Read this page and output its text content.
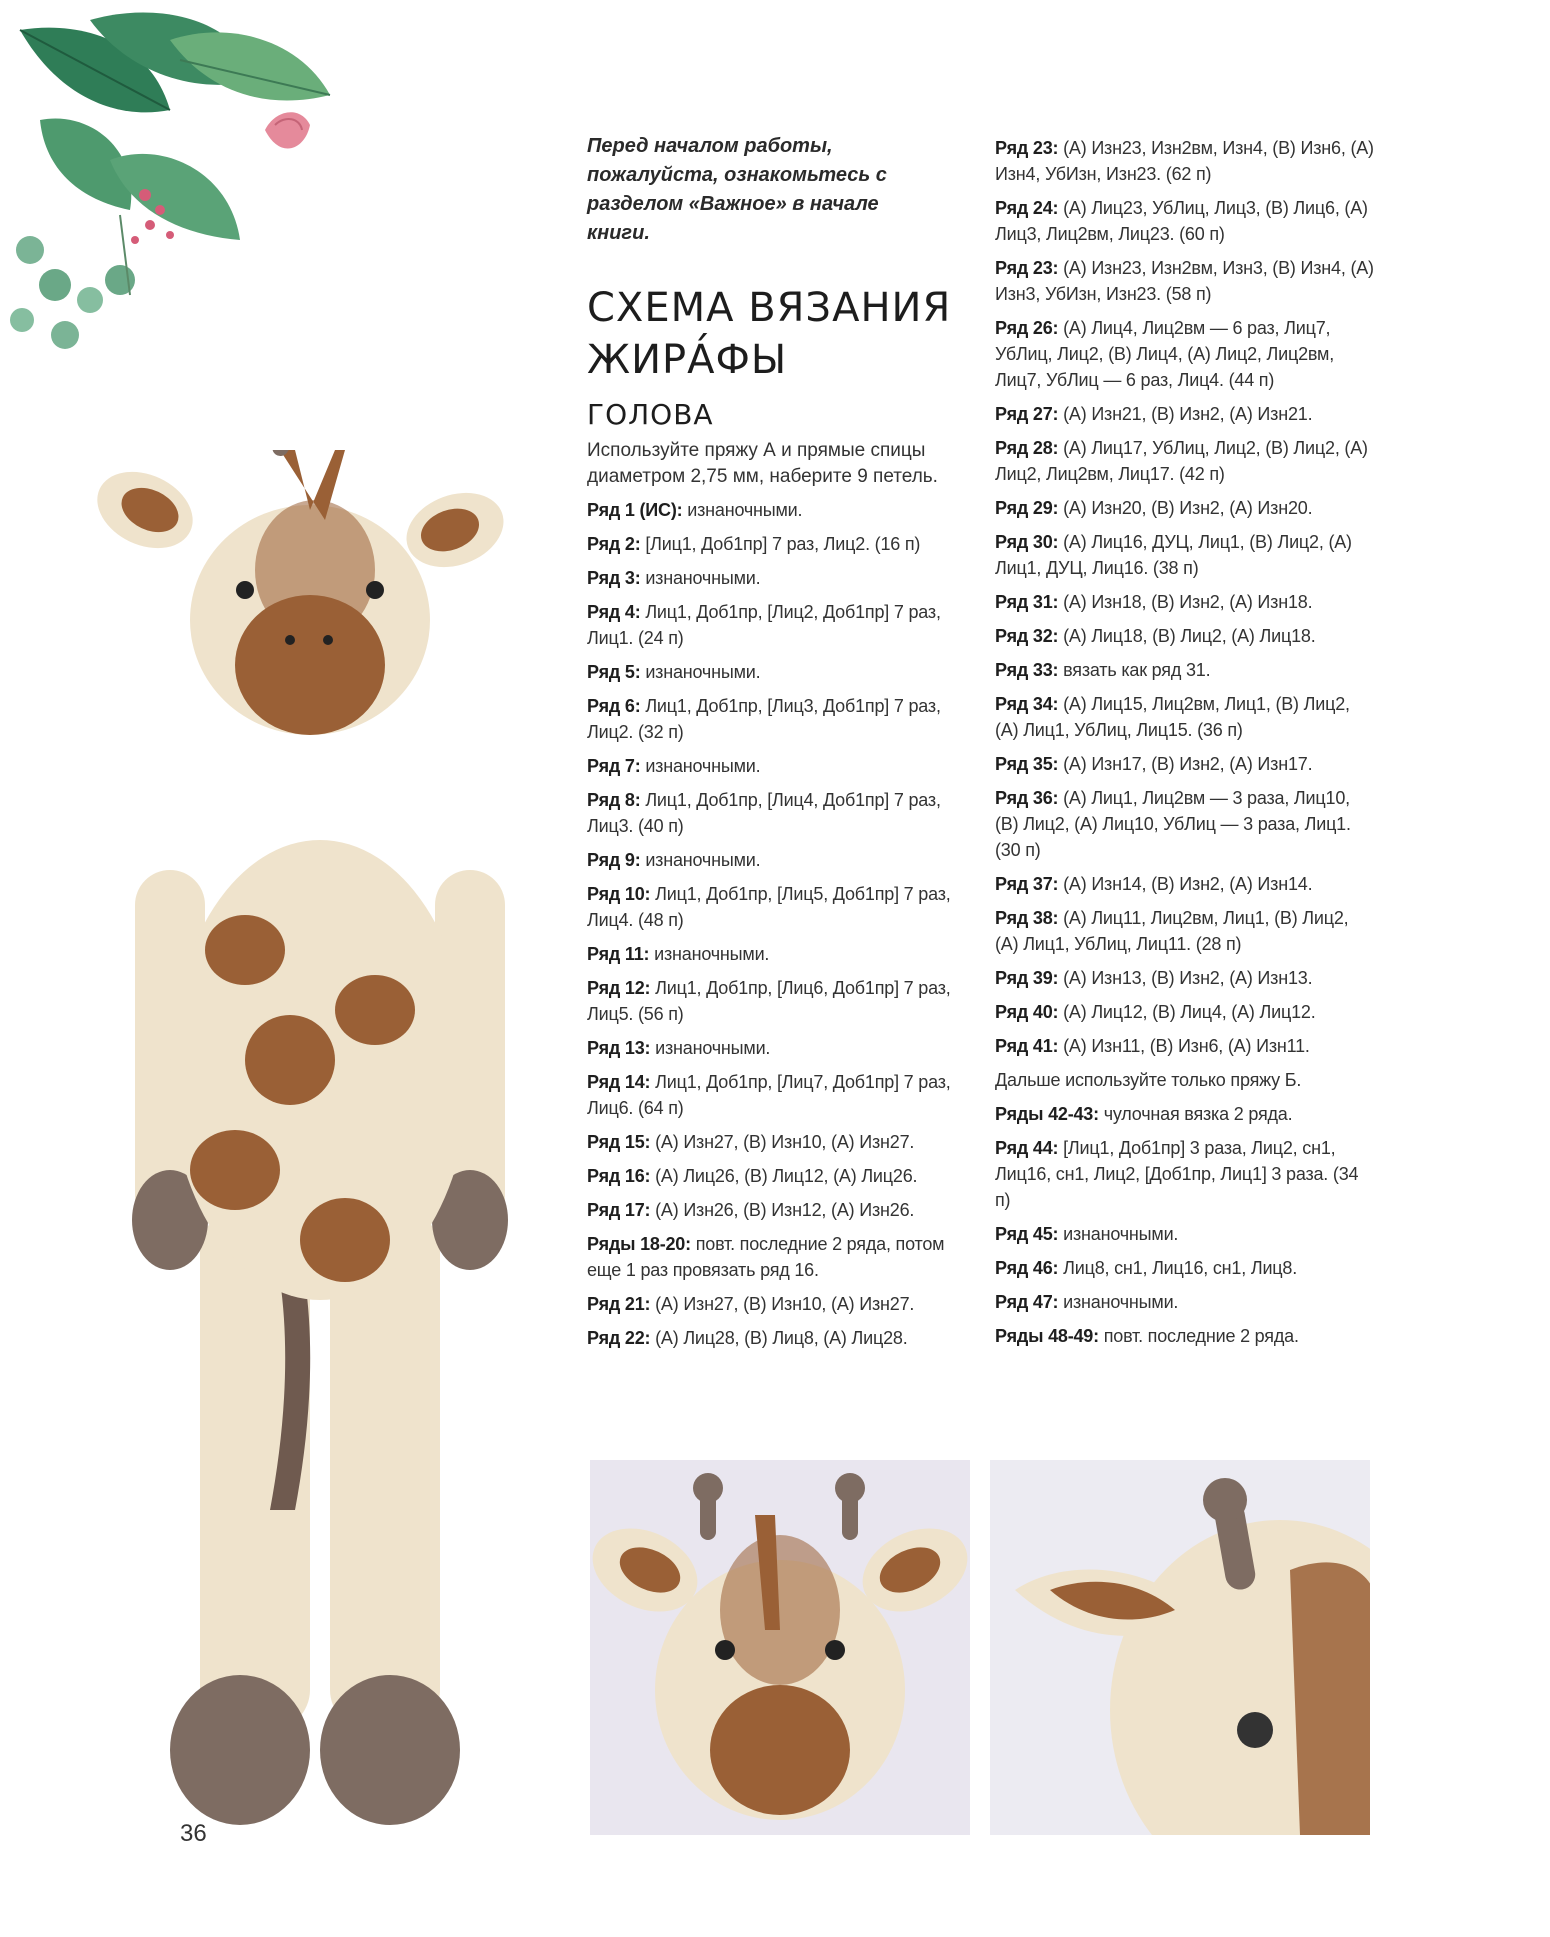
36
Перед началом работы, пожалуйста, ознакомьтесь с разделом «Важное» в начале книги.
СХЕМА ВЯЗАНИЯ
ЖИРА́ФЫ
ГОЛОВА
Используйте пряжу А и прямые спицы диаметром 2,75 мм, наберите 9 петель.
Ряд 1 (ИС): изнаночными.
Ряд 2: [Лиц1, Доб1пр] 7 раз, Лиц2. (16 п)
Ряд 3: изнаночными.
Ряд 4: Лиц1, Доб1пр, [Лиц2, Доб1пр] 7 раз, Лиц1. (24 п)
Ряд 5: изнаночными.
Ряд 6: Лиц1, Доб1пр, [Лиц3, Доб1пр] 7 раз, Лиц2. (32 п)
Ряд 7: изнаночными.
Ряд 8: Лиц1, Доб1пр, [Лиц4, Доб1пр] 7 раз, Лиц3. (40 п)
Ряд 9: изнаночными.
Ряд 10: Лиц1, Доб1пр, [Лиц5, Доб1пр] 7 раз, Лиц4. (48 п)
Ряд 11: изнаночными.
Ряд 12: Лиц1, Доб1пр, [Лиц6, Доб1пр] 7 раз, Лиц5. (56 п)
Ряд 13: изнаночными.
Ряд 14: Лиц1, Доб1пр, [Лиц7, Доб1пр] 7 раз, Лиц6. (64 п)
Ряд 15: (А) Изн27, (В) Изн10, (А) Изн27.
Ряд 16: (А) Лиц26, (В) Лиц12, (А) Лиц26.
Ряд 17: (А) Изн26, (В) Изн12, (А) Изн26.
Ряды 18-20: повт. последние 2 ряда, потом еще 1 раз провязать ряд 16.
Ряд 21: (А) Изн27, (В) Изн10, (А) Изн27.
Ряд 22: (А) Лиц28, (В) Лиц8, (А) Лиц28.
Ряд 23: (А) Изн23, Изн2вм, Изн4, (В) Изн6, (А) Изн4, УбИзн, Изн23. (62 п)
Ряд 24: (А) Лиц23, УбЛиц, Лиц3, (В) Лиц6, (А) Лиц3, Лиц2вм, Лиц23. (60 п)
Ряд 23: (А) Изн23, Изн2вм, Изн3, (В) Изн4, (А) Изн3, УбИзн, Изн23. (58 п)
Ряд 26: (А) Лиц4, Лиц2вм — 6 раз, Лиц7, УбЛиц, Лиц2, (В) Лиц4, (А) Лиц2, Лиц2вм, Лиц7, УбЛиц — 6 раз, Лиц4. (44 п)
Ряд 27: (А) Изн21, (В) Изн2, (А) Изн21.
Ряд 28: (А) Лиц17, УбЛиц, Лиц2, (В) Лиц2, (А) Лиц2, Лиц2вм, Лиц17. (42 п)
Ряд 29: (А) Изн20, (В) Изн2, (А) Изн20.
Ряд 30: (А) Лиц16, ДУЦ, Лиц1, (В) Лиц2, (А) Лиц1, ДУЦ, Лиц16. (38 п)
Ряд 31: (А) Изн18, (В) Изн2, (А) Изн18.
Ряд 32: (А) Лиц18, (В) Лиц2, (А) Лиц18.
Ряд 33: вязать как ряд 31.
Ряд 34: (А) Лиц15, Лиц2вм, Лиц1, (В) Лиц2, (А) Лиц1, УбЛиц, Лиц15. (36 п)
Ряд 35: (А) Изн17, (В) Изн2, (А) Изн17.
Ряд 36: (А) Лиц1, Лиц2вм — 3 раза, Лиц10, (В) Лиц2, (А) Лиц10, УбЛиц — 3 раза, Лиц1. (30 п)
Ряд 37: (А) Изн14, (В) Изн2, (А) Изн14.
Ряд 38: (А) Лиц11, Лиц2вм, Лиц1, (В) Лиц2, (А) Лиц1, УбЛиц, Лиц11. (28 п)
Ряд 39: (А) Изн13, (В) Изн2, (А) Изн13.
Ряд 40: (А) Лиц12, (В) Лиц4, (А) Лиц12.
Ряд 41: (А) Изн11, (В) Изн6, (А) Изн11.
Дальше используйте только пряжу Б.
Ряды 42-43: чулочная вязка 2 ряда.
Ряд 44: [Лиц1, Доб1пр] 3 раза, Лиц2, сн1, Лиц16, сн1, Лиц2, [Доб1пр, Лиц1] 3 раза. (34 п)
Ряд 45: изнаночными.
Ряд 46: Лиц8, сн1, Лиц16, сн1, Лиц8.
Ряд 47: изнаночными.
Ряды 48-49: повт. последние 2 ряда.
